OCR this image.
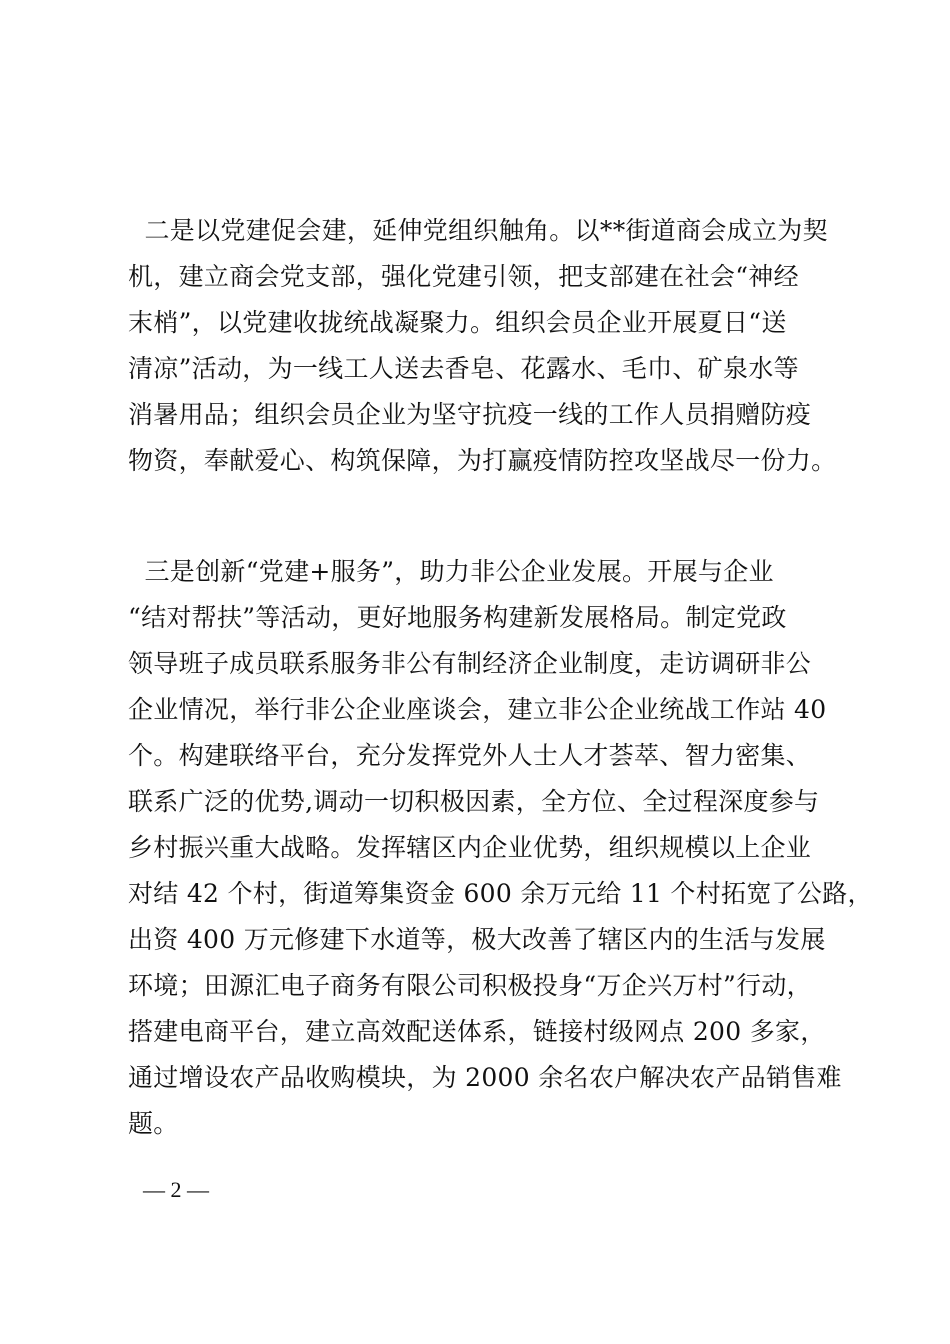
二是以党建促会建，延伸党组织触角。以**街道商会成立为契
机，建立商会党支部，强化党建引领，把支部建在社会“神经
末梢”，以党建收拢统战凝聚力。组织会员企业开展夏日“送
清凉”活动，为一线工人送去香皂、花露水、毛巾、矿泉水等
消暑用品；组织会员企业为坚守抗疫一线的工作人员捐赠防疫
物资，奉献爱心、构筑保障，为打赢疫情防控攻坚战尽一份力。
三是创新“党建+服务”，助力非公企业发展。开展与企业
“结对帮扶”等活动，更好地服务构建新发展格局。制定党政
领导班子成员联系服务非公有制经济企业制度，走访调研非公
企业情况，举行非公企业座谈会，建立非公企业统战工作站 40
个。构建联络平台，充分发挥党外人士人才荟萃、智力密集、
联系广泛的优势,调动一切积极因素，全方位、全过程深度参与
乡村振兴重大战略。发挥辖区内企业优势，组织规模以上企业
对结 42 个村，街道筹集资金 600 余万元给 11 个村拓宽了公路，
出资 400 万元修建下水道等，极大改善了辖区内的生活与发展
环境；田源汇电子商务有限公司积极投身“万企兴万村”行动，
搭建电商平台，建立高效配送体系，链接村级网点 200 多家，
通过增设农产品收购模块，为 2000 余名农户解决农产品销售难
题。
— 2 —
